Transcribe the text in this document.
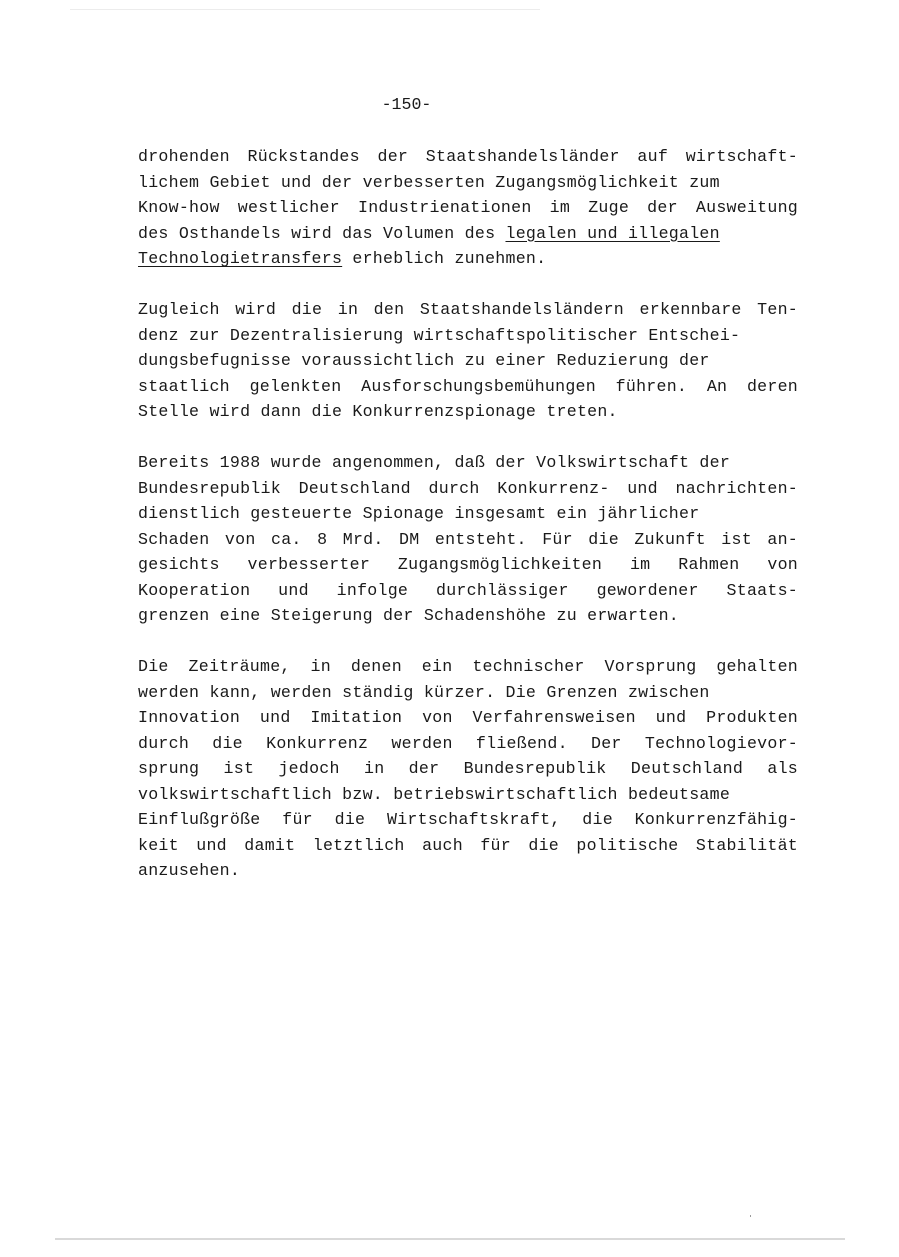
-150-

drohenden Rückstandes der Staatshandelsländer auf wirtschaft-
lichem Gebiet und der verbesserten Zugangsmöglichkeit zum
Know-how westlicher Industrienationen im Zuge der Ausweitung
des Osthandels wird das Volumen des legalen und illegalen
Technologietransfers erheblich zunehmen.

Zugleich wird die in den Staatshandelsländern erkennbare Ten-
denz zur Dezentralisierung wirtschaftspolitischer Entschei-
dungsbefugnisse voraussichtlich zu einer Reduzierung der
staatlich gelenkten Ausforschungsbemühungen führen. An deren
Stelle wird dann die Konkurrenzspionage treten.

Bereits 1988 wurde angenommen, daß der Volkswirtschaft der
Bundesrepublik Deutschland durch Konkurrenz- und nachrichten-
dienstlich gesteuerte Spionage insgesamt ein jährlicher
Schaden von ca. 8 Mrd. DM entsteht. Für die Zukunft ist an-
gesichts verbesserter Zugangsmöglichkeiten im Rahmen von
Kooperation und infolge durchlässiger gewordener Staats-
grenzen eine Steigerung der Schadenshöhe zu erwarten.

Die Zeiträume, in denen ein technischer Vorsprung gehalten
werden kann, werden ständig kürzer. Die Grenzen zwischen
Innovation und Imitation von Verfahrensweisen und Produkten
durch die Konkurrenz werden fließend. Der Technologievor-
sprung ist jedoch in der Bundesrepublik Deutschland als
volkswirtschaftlich bzw. betriebswirtschaftlich bedeutsame
Einflußgröße für die Wirtschaftskraft, die Konkurrenzfähig-
keit und damit letztlich auch für die politische Stabilität
anzusehen.
